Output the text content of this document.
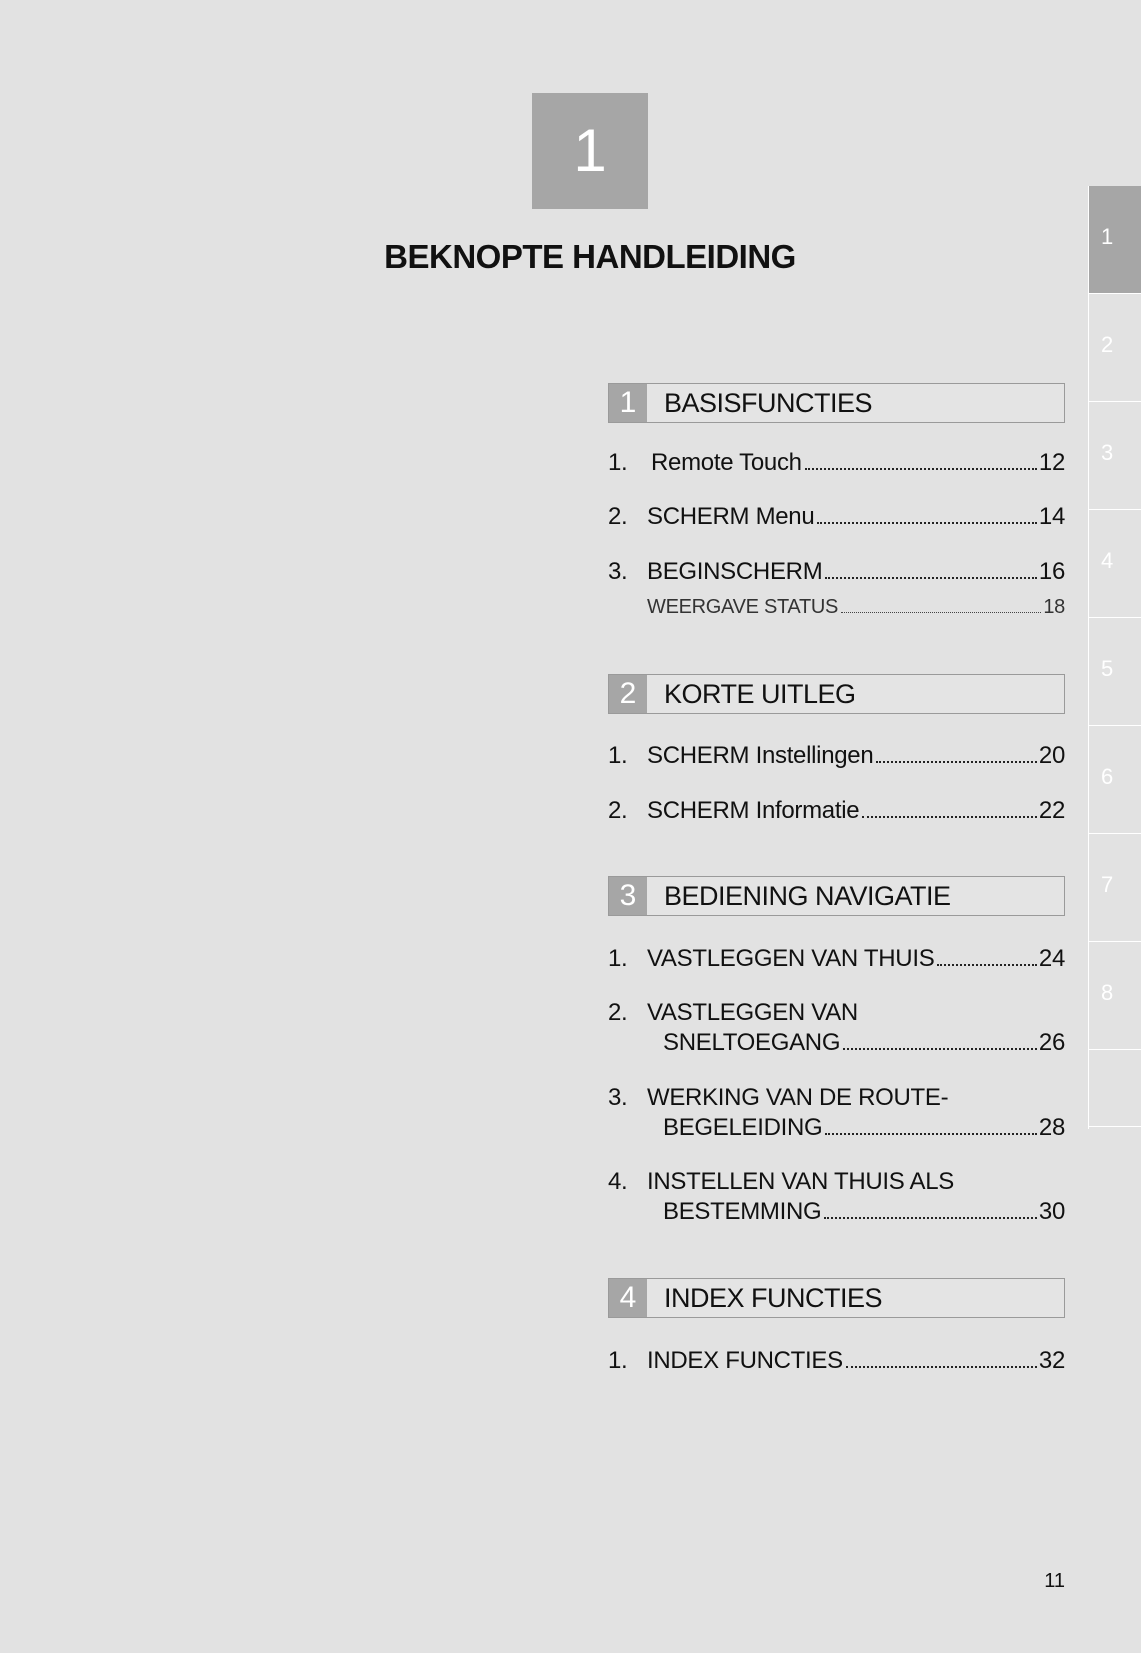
1
BEKNOPTE HANDLEIDING
1	BASISFUNCTIES
1. Remote Touch	12
2. SCHERM Menu	14
3. BEGINSCHERM	16
WEERGAVE STATUS	18
2	KORTE UITLEG
1. SCHERM Instellingen	20
2. SCHERM Informatie	22
3	BEDIENING NAVIGATIE
1. VASTLEGGEN VAN THUIS	24
2. VASTLEGGEN VAN
SNELTOEGANG	26
3. WERKING VAN DE ROUTE-
BEGELEIDING	28
4. INSTELLEN VAN THUIS ALS
BESTEMMING	30
4	INDEX FUNCTIES
1. INDEX FUNCTIES	32
1
2
3
4
5
6
7
8
11
